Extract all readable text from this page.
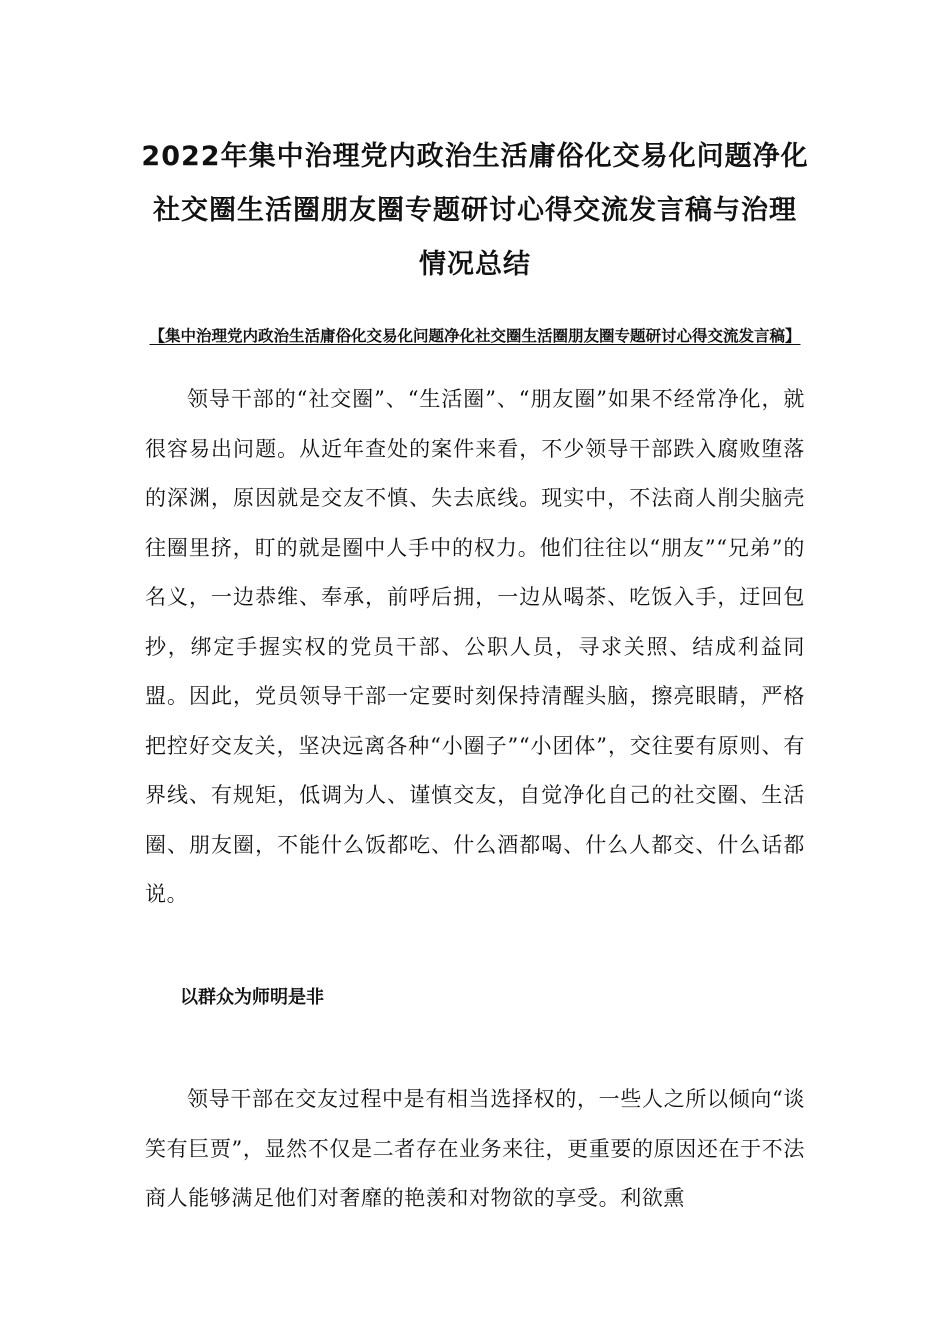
2022年集中治理党内政治生活庸俗化交易化问题净化社交圈生活圈朋友圈专题研讨心得交流发言稿与治理情况总结

【集中治理党内政治生活庸俗化交易化问题净化社交圈生活圈朋友圈专题研讨心得交流发言稿】

领导干部的“社交圈”、“生活圈”、“朋友圈”如果不经常净化，就很容易出问题。从近年查处的案件来看，不少领导干部跌入腐败堕落的深渊，原因就是交友不慎、失去底线。现实中，不法商人削尖脑壳往圈里挤，盯的就是圈中人手中的权力。他们往往以“朋友”“兄弟”的名义，一边恭维、奉承，前呼后拥，一边从喝茶、吃饭入手，迂回包抄，绑定手握实权的党员干部、公职人员，寻求关照、结成利益同盟。因此，党员领导干部一定要时刻保持清醒头脑，擦亮眼睛，严格把控好交友关，坚决远离各种“小圈子”“小团体”，交往要有原则、有界线、有规矩，低调为人、谨慎交友，自觉净化自己的社交圈、生活圈、朋友圈，不能什么饭都吃、什么酒都喝、什么人都交、什么话都说。

以群众为师明是非

领导干部在交友过程中是有相当选择权的，一些人之所以倾向“谈笑有巨贾”，显然不仅是二者存在业务来往，更重要的原因还在于不法商人能够满足他们对奢靡的艳羡和对物欲的享受。利欲熏
